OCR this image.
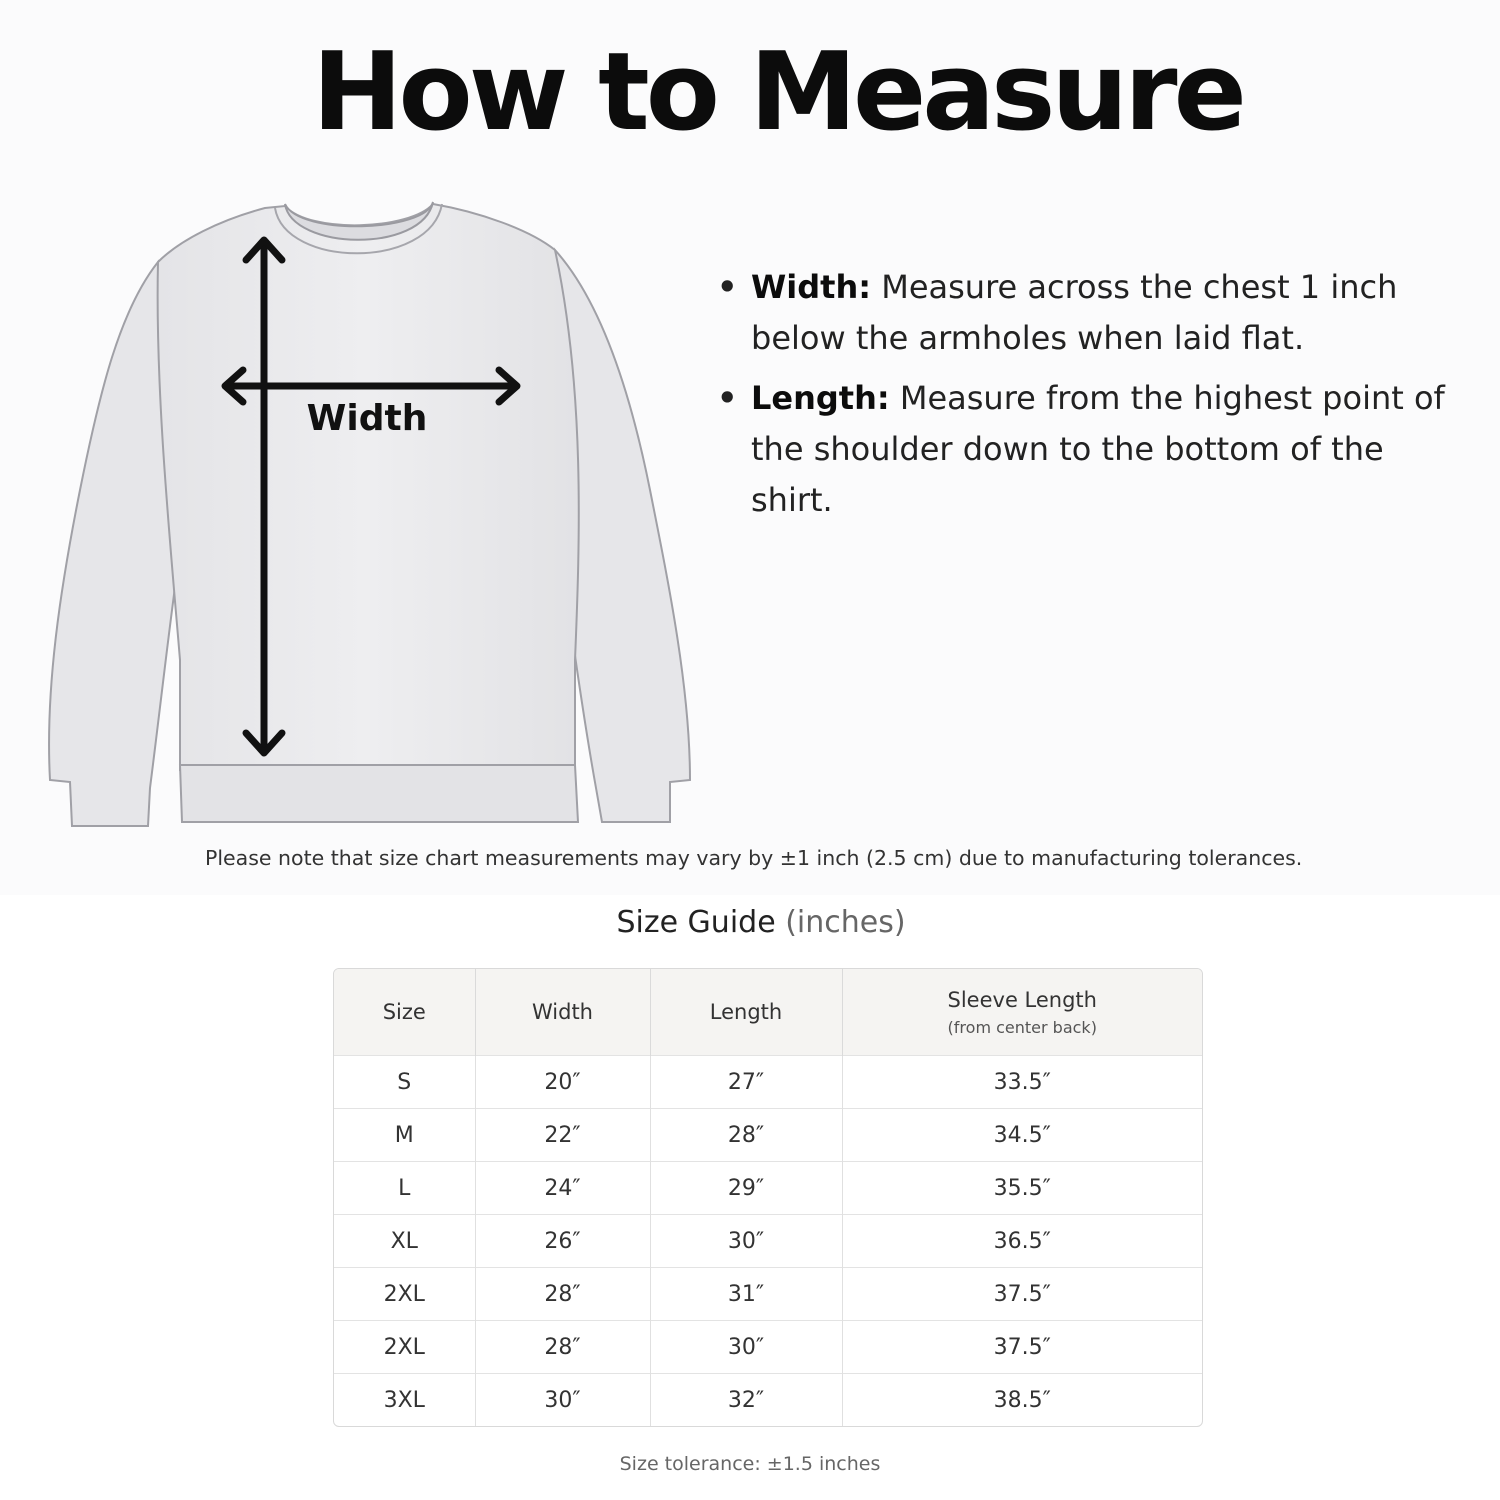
How to Measure
Width
• Width: Measure across the chest 1 inch below the armholes when laid flat.
• Length: Measure from the highest point of the shoulder down to the bottom of the shirt.
Please note that size chart measurements may vary by ±1 inch (2.5 cm) due to manufacturing tolerances.
Size Guide (inches)
Size	Width	Length	Sleeve Length
(from center back)

S	20″	27″	33.5″
M	22″	28″	34.5″
L	24″	29″	35.5″
XL	26″	30″	36.5″
2XL	28″	31″	37.5″
2XL	28″	30″	37.5″
3XL	30″	32″	38.5″
Size tolerance: ±1.5 inches
